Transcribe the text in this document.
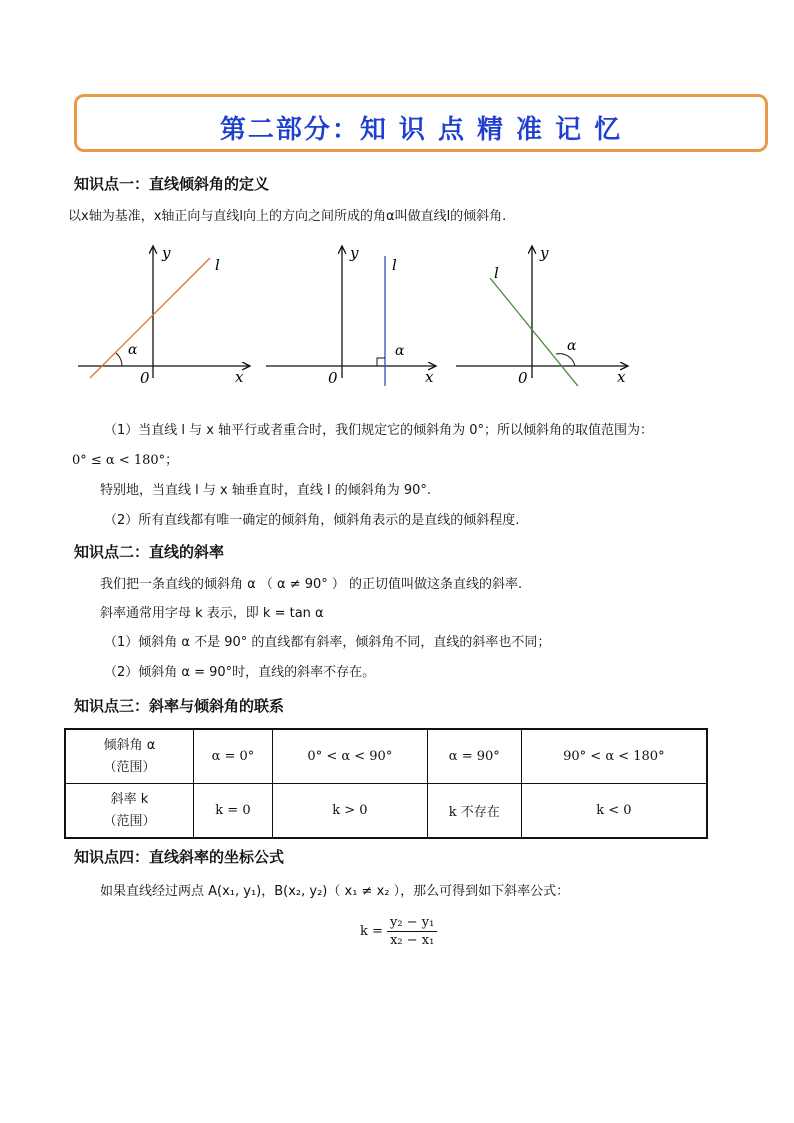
第二部分：知 识 点 精 准 记 忆
知识点一：直线倾斜角的定义
以x轴为基准，x轴正向与直线l向上的方向之间所成的角α叫做直线l的倾斜角.
y
x
0
l
α
y
x
0
l
α
y
x
0
l
α
（1）当直线 l 与 x 轴平行或者重合时，我们规定它的倾斜角为 0°；所以倾斜角的取值范围为：
0° ≤ α < 180°；
特别地，当直线 l 与 x 轴垂直时，直线 l 的倾斜角为 90°.
（2）所有直线都有唯一确定的倾斜角，倾斜角表示的是直线的倾斜程度.
知识点二：直线的斜率
我们把一条直线的倾斜角 α （ α ≠ 90° ） 的正切值叫做这条直线的斜率.
斜率通常用字母 k 表示，即 k = tan α
（1）倾斜角 α 不是 90° 的直线都有斜率，倾斜角不同，直线的斜率也不同；
（2）倾斜角 α = 90°时，直线的斜率不存在。
知识点三：斜率与倾斜角的联系
倾斜角 α
（范围）	α = 0°	0° < α < 90°	α = 90°	90° < α < 180°

斜率 k
（范围）	k = 0	k > 0	k 不存在	k < 0
知识点四：直线斜率的坐标公式
如果直线经过两点 A(x₁, y₁)，B(x₂, y₂)（ x₁ ≠ x₂ ），那么可得到如下斜率公式：
$k = \frac{\text{y₂ − y₁}}{\text{x₂ − x₁}}$
